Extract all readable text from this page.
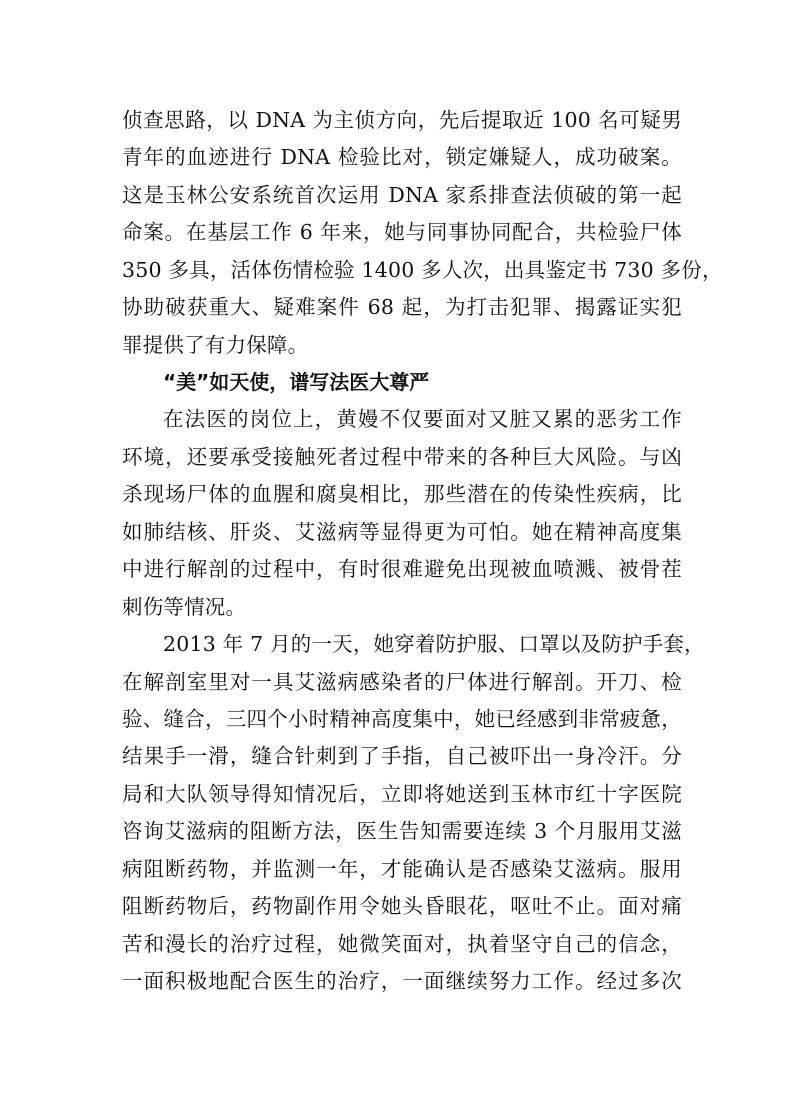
侦查思路，以 DNA 为主侦方向，先后提取近 100 名可疑男
青年的血迹进行 DNA 检验比对，锁定嫌疑人，成功破案。
这是玉林公安系统首次运用 DNA 家系排查法侦破的第一起
命案。在基层工作 6 年来，她与同事协同配合，共检验尸体
350 多具，活体伤情检验 1400 多人次，出具鉴定书 730 多份，
协助破获重大、疑难案件 68 起，为打击犯罪、揭露证实犯
罪提供了有力保障。
“美”如天使，谱写法医大尊严
在法医的岗位上，黄嫚不仅要面对又脏又累的恶劣工作
环境，还要承受接触死者过程中带来的各种巨大风险。与凶
杀现场尸体的血腥和腐臭相比，那些潜在的传染性疾病，比
如肺结核、肝炎、艾滋病等显得更为可怕。她在精神高度集
中进行解剖的过程中，有时很难避免出现被血喷溅、被骨茬
刺伤等情况。
2013 年 7 月的一天，她穿着防护服、口罩以及防护手套，
在解剖室里对一具艾滋病感染者的尸体进行解剖。开刀、检
验、缝合，三四个小时精神高度集中，她已经感到非常疲惫，
结果手一滑，缝合针刺到了手指，自己被吓出一身冷汗。分
局和大队领导得知情况后，立即将她送到玉林市红十字医院
咨询艾滋病的阻断方法，医生告知需要连续 3 个月服用艾滋
病阻断药物，并监测一年，才能确认是否感染艾滋病。服用
阻断药物后，药物副作用令她头昏眼花，呕吐不止。面对痛
苦和漫长的治疗过程，她微笑面对，执着坚守自己的信念，
一面积极地配合医生的治疗，一面继续努力工作。经过多次
